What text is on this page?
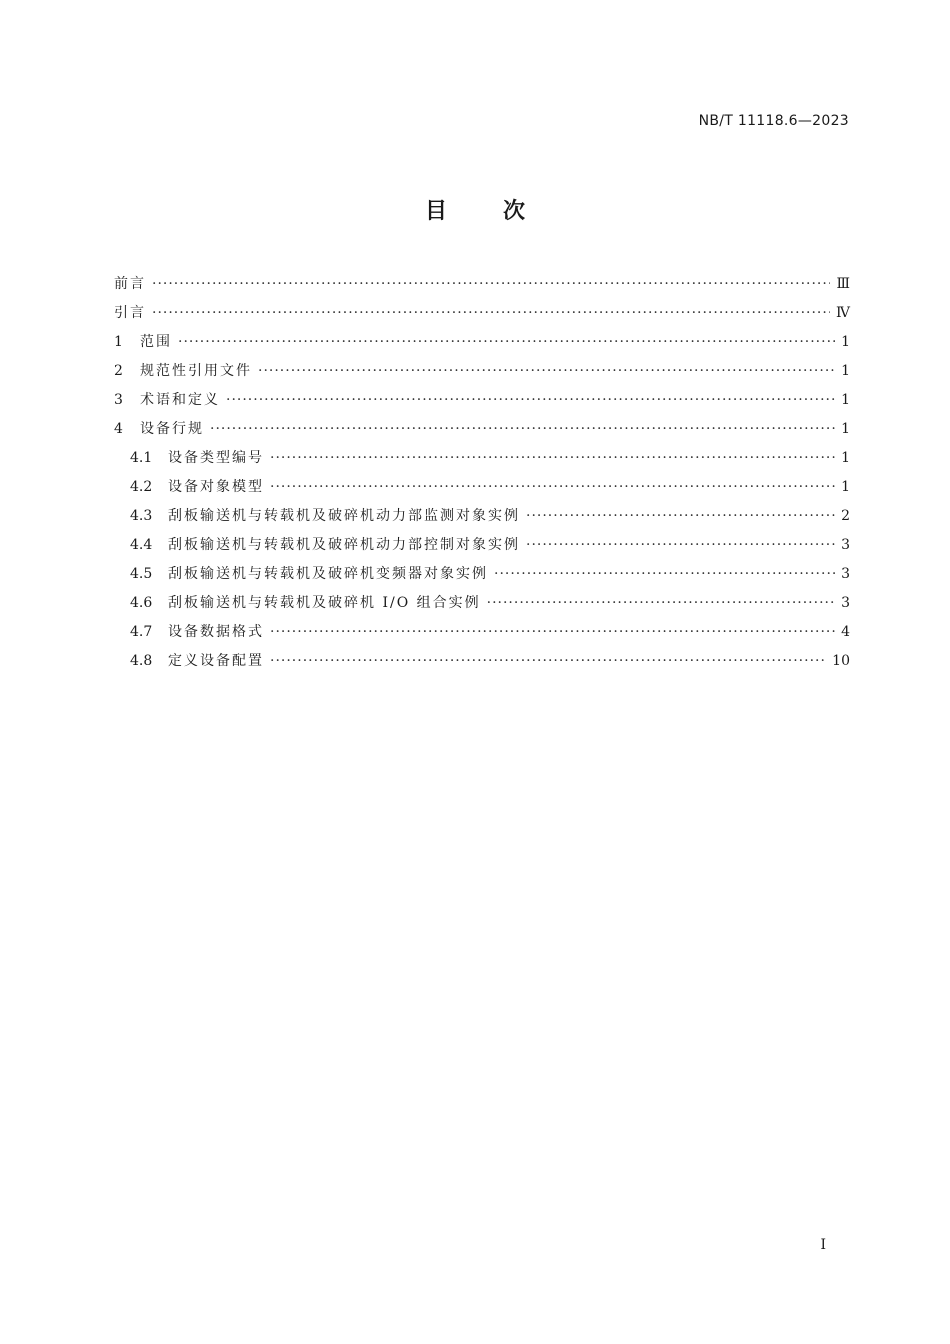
NB/T 11118.6—2023
目	次
前言 ·····	Ⅲ
引言 ·····	Ⅳ
1	范围 ·····	1
2	规范性引用文件 ·····	1
3	术语和定义 ·····	1
4	设备行规 ·····	1
4.1	设备类型编号 ·····	1
4.2	设备对象模型 ·····	1
4.3	刮板输送机与转载机及破碎机动力部监测对象实例 ·····	2
4.4	刮板输送机与转载机及破碎机动力部控制对象实例 ·····	3
4.5	刮板输送机与转载机及破碎机变频器对象实例 ·····	3
4.6	刮板输送机与转载机及破碎机 I/O 组合实例 ·····	3
4.7	设备数据格式 ·····	4
4.8	定义设备配置 ·····	10
I
